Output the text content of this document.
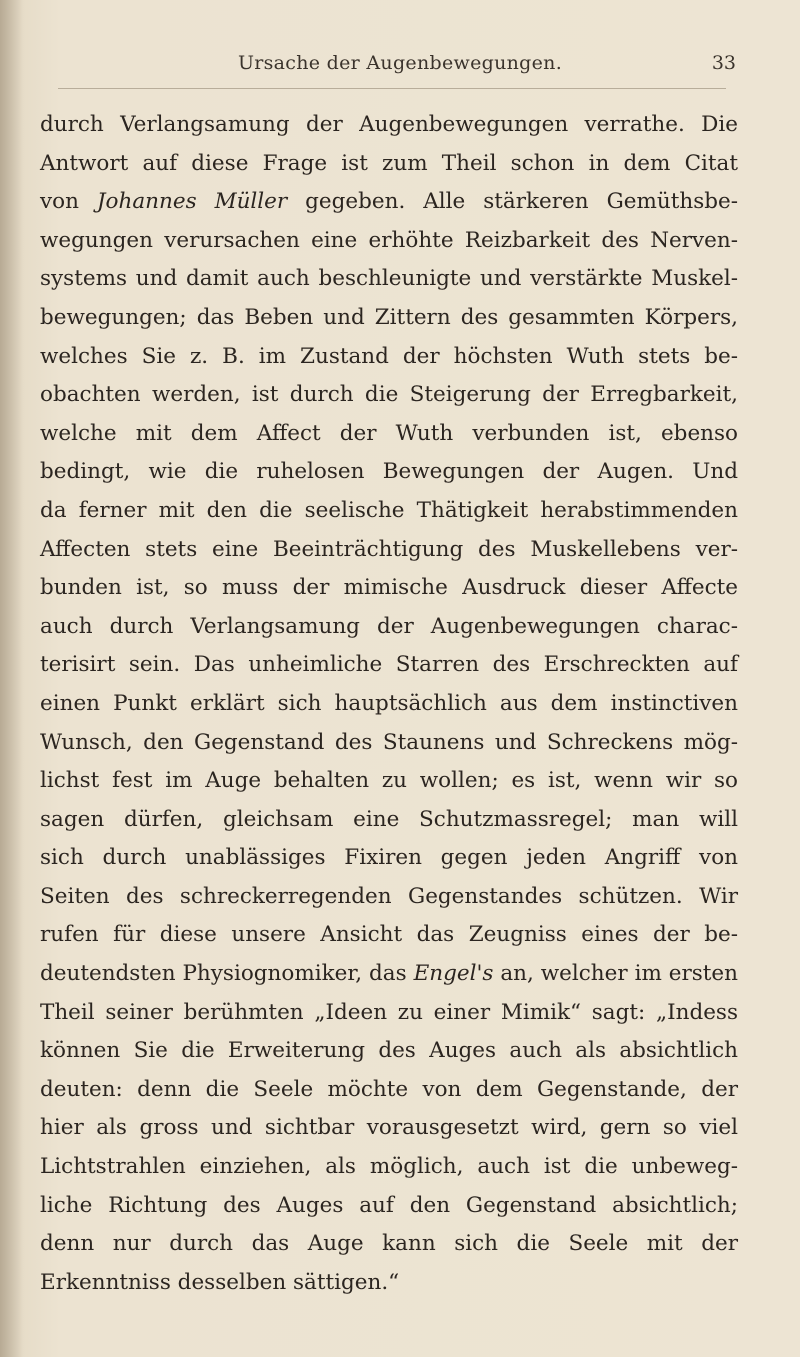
Ursache der Augenbewegungen.	33
durch Verlangsamung der Augenbewegungen verrathe. Die
Antwort auf diese Frage ist zum Theil schon in dem Citat
von Johannes Müller gegeben. Alle stärkeren Gemüthsbe-
wegungen verursachen eine erhöhte Reizbarkeit des Nerven-
systems und damit auch beschleunigte und verstärkte Muskel-
bewegungen; das Beben und Zittern des gesammten Körpers,
welches Sie z. B. im Zustand der höchsten Wuth stets be-
obachten werden, ist durch die Steigerung der Erregbarkeit,
welche mit dem Affect der Wuth verbunden ist, ebenso
bedingt, wie die ruhelosen Bewegungen der Augen. Und
da ferner mit den die seelische Thätigkeit herabstimmenden
Affecten stets eine Beeinträchtigung des Muskellebens ver-
bunden ist, so muss der mimische Ausdruck dieser Affecte
auch durch Verlangsamung der Augenbewegungen charac-
terisirt sein. Das unheimliche Starren des Erschreckten auf
einen Punkt erklärt sich hauptsächlich aus dem instinctiven
Wunsch, den Gegenstand des Staunens und Schreckens mög-
lichst fest im Auge behalten zu wollen; es ist, wenn wir so
sagen dürfen, gleichsam eine Schutzmassregel; man will
sich durch unablässiges Fixiren gegen jeden Angriff von
Seiten des schreckerregenden Gegenstandes schützen. Wir
rufen für diese unsere Ansicht das Zeugniss eines der be-
deutendsten Physiognomiker, das Engel's an, welcher im ersten
Theil seiner berühmten „Ideen zu einer Mimik“ sagt: „Indess
können Sie die Erweiterung des Auges auch als absichtlich
deuten: denn die Seele möchte von dem Gegenstande, der
hier als gross und sichtbar vorausgesetzt wird, gern so viel
Lichtstrahlen einziehen, als möglich, auch ist die unbeweg-
liche Richtung des Auges auf den Gegenstand absichtlich;
denn nur durch das Auge kann sich die Seele mit der
Erkenntniss desselben sättigen.“
